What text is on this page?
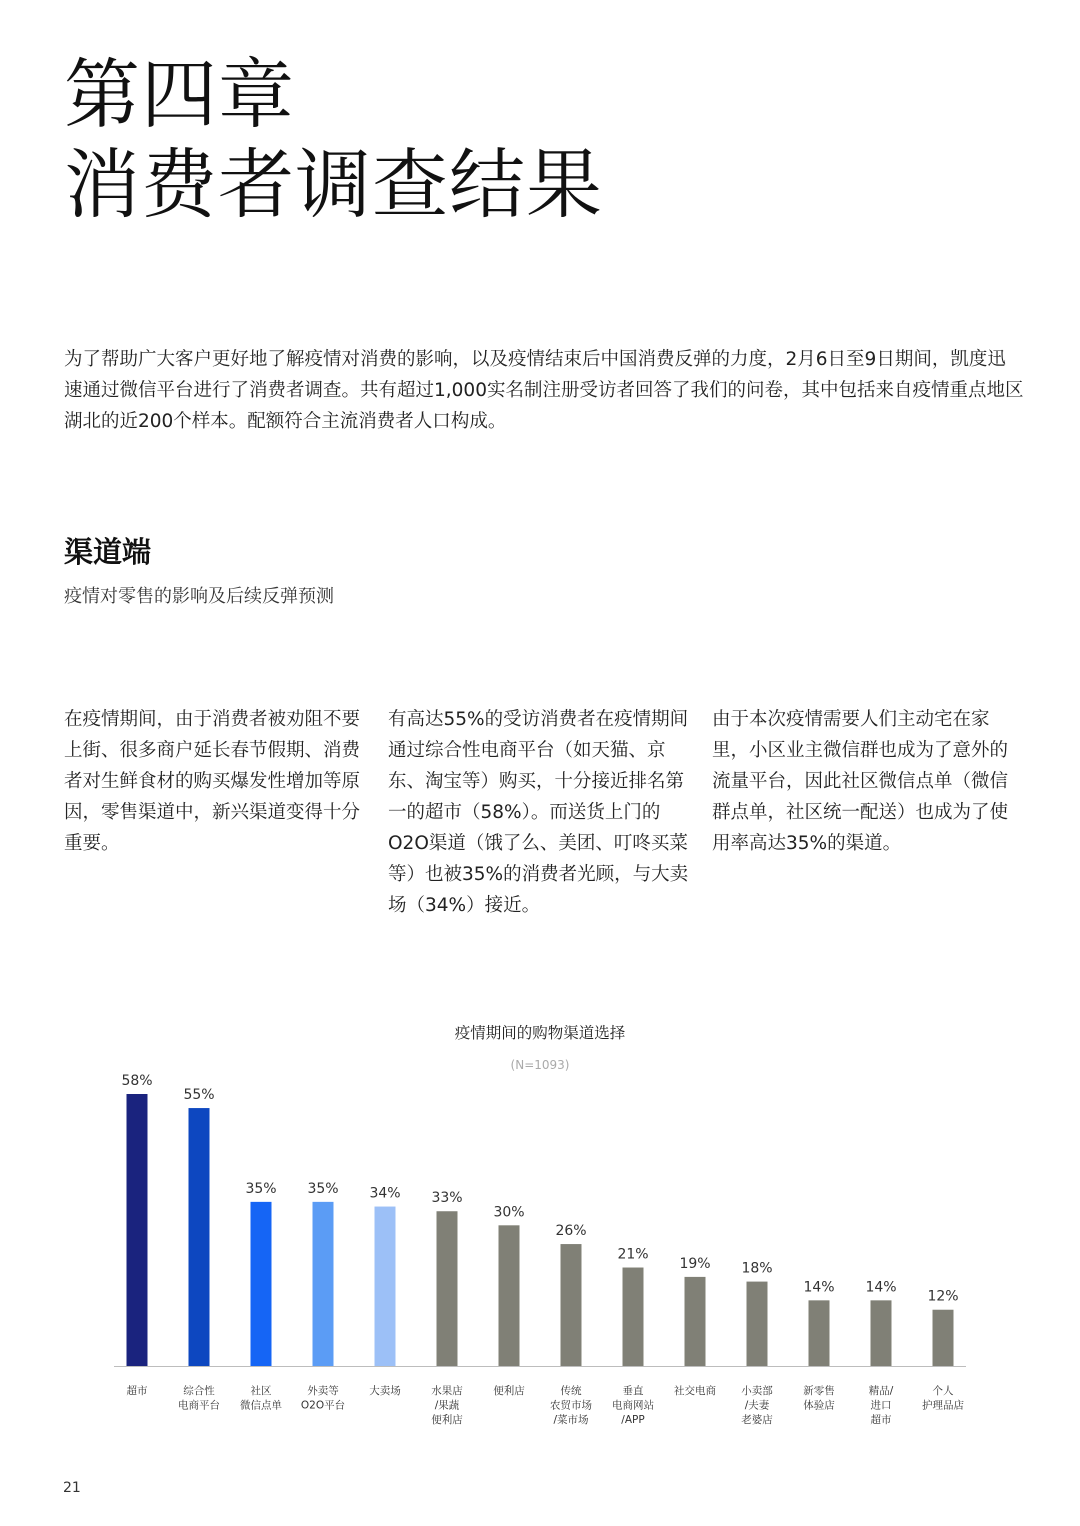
第四章
消费者调查结果

为了帮助广大客户更好地了解疫情对消费的影响，以及疫情结束后中国消费反弹的力度，2月6日至9日期间，凯度迅速通过微信平台进行了消费者调查。共有超过1,000实名制注册受访者回答了我们的问卷，其中包括来自疫情重点地区湖北的近200个样本。配额符合主流消费者人口构成。

渠道端
疫情对零售的影响及后续反弹预测

在疫情期间，由于消费者被劝阻不要上街、很多商户延长春节假期、消费者对生鲜食材的购买爆发性增加等原因，零售渠道中，新兴渠道变得十分重要。

有高达55%的受访消费者在疫情期间通过综合性电商平台（如天猫、京东、淘宝等）购买，十分接近排名第一的超市（58%）。而送货上门的O2O渠道（饿了么、美团、叮咚买菜等）也被35%的消费者光顾，与大卖场（34%）接近。

由于本次疫情需要人们主动宅在家里，小区业主微信群也成为了意外的流量平台，因此社区微信点单（微信群点单，社区统一配送）也成为了使用率高达35%的渠道。

疫情期间的购物渠道选择
(N=1093)
58%
超市
55%
综合性电商平台
35%
社区微信点单
35%
外卖等 O2O平台
34%
大卖场
33%
水果店/果蔬便利店
30%
便利店
26%
传统农贸市场/菜市场
21%
垂直电商网站/APP
19%
社交电商
18%
小卖部/夫妻老婆店
14%
新零售体验店
14%
精品/进口超市
12%
个人护理品店
21
